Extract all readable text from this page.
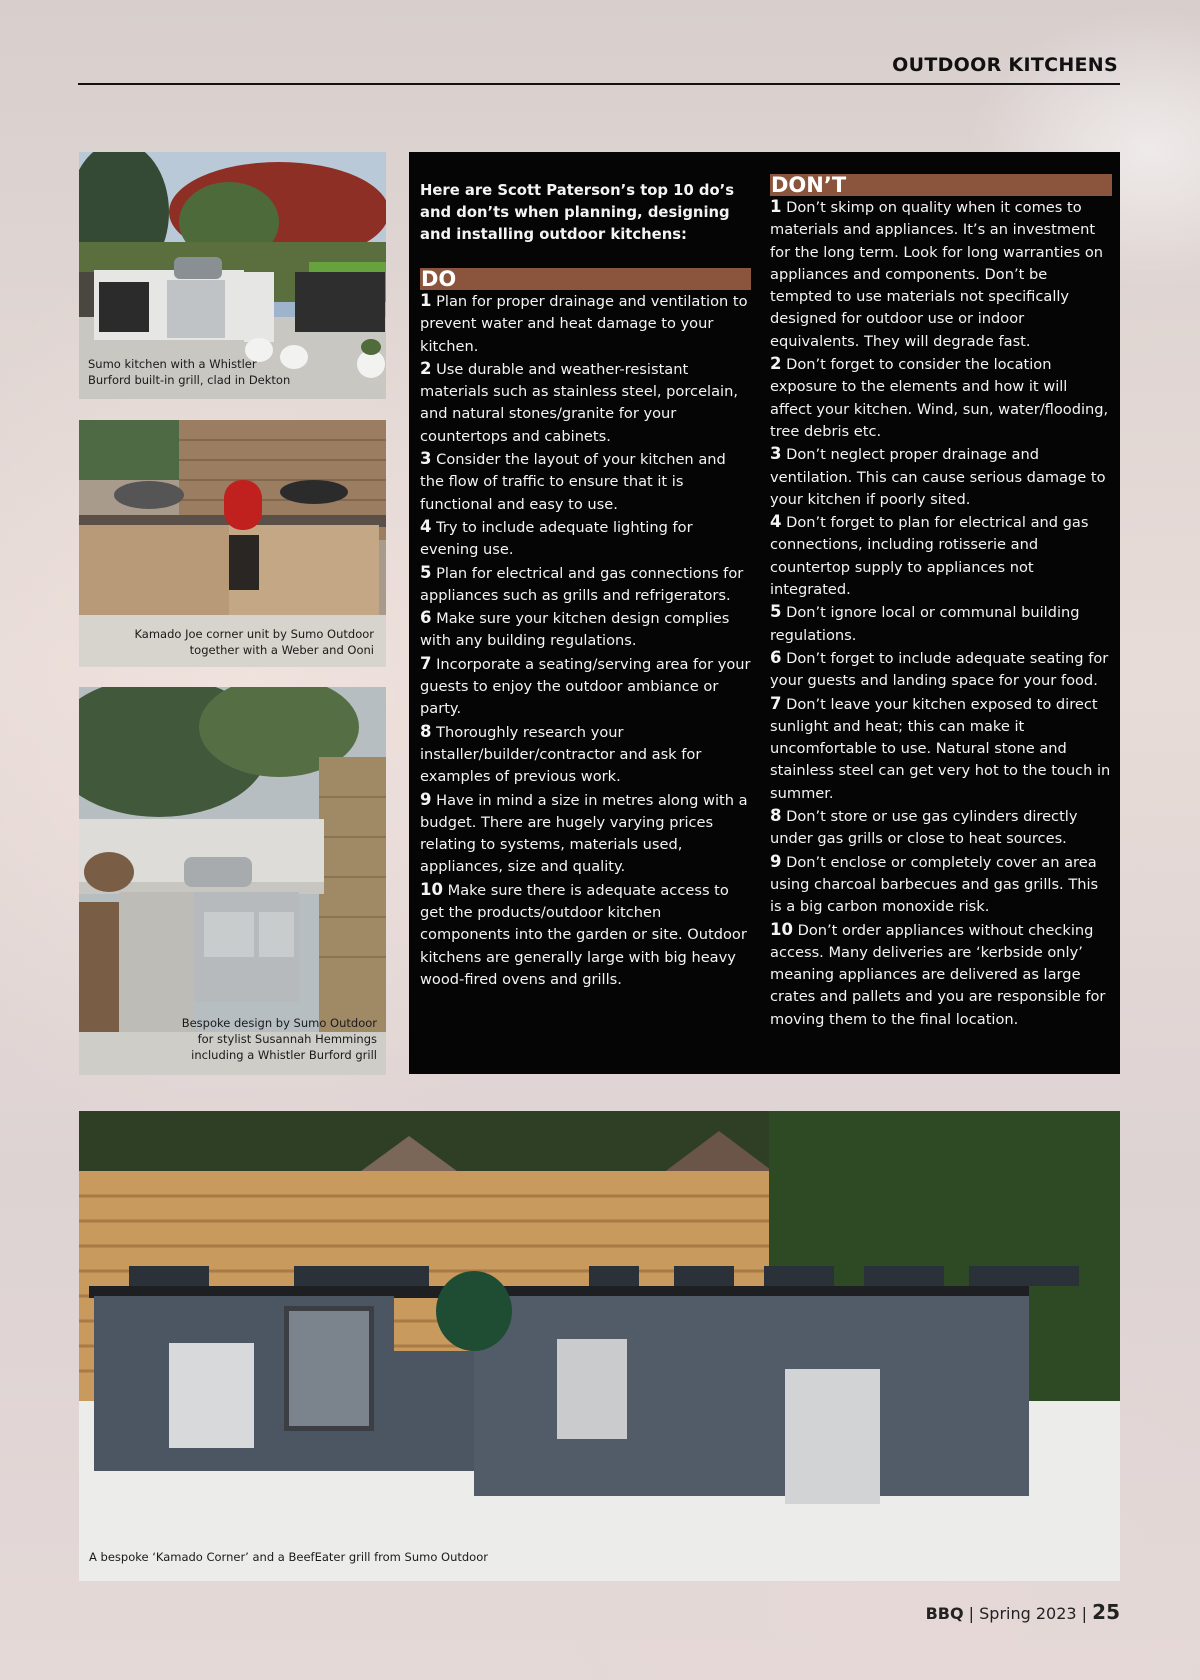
OUTDOOR KITCHENS
Sumo kitchen with a Whistler
Burford built-in grill, clad in Dekton
Kamado Joe corner unit by Sumo Outdoor
together with a Weber and Ooni
Bespoke design by Sumo Outdoor
for stylist Susannah Hemmings
including a Whistler Burford grill
A bespoke ‘Kamado Corner’ and a BeefEater grill from Sumo Outdoor

Here are Scott Paterson’s top 10 do’s and don’ts when planning, designing and installing outdoor kitchens:

DO

1 Plan for proper drainage and ventilation to prevent water and heat damage to your kitchen.

2 Use durable and weather-resistant materials such as stainless steel, porcelain, and natural stones/granite for your countertops and cabinets.

3 Consider the layout of your kitchen and the flow of traffic to ensure that it is functional and easy to use.

4 Try to include adequate lighting for evening use.

5 Plan for electrical and gas connections for appliances such as grills and refrigerators.

6 Make sure your kitchen design complies with any building regulations.

7 Incorporate a seating/serving area for your guests to enjoy the outdoor ambiance or party.

8 Thoroughly research your installer/builder/contractor and ask for examples of previous work.

9 Have in mind a size in metres along with a budget. There are hugely varying prices relating to systems, materials used, appliances, size and quality.

10 Make sure there is adequate access to get the products/outdoor kitchen components into the garden or site. Outdoor kitchens are generally large with big heavy wood-fired ovens and grills.

DON’T

1 Don’t skimp on quality when it comes to materials and appliances. It’s an investment for the long term. Look for long warranties on appliances and components. Don’t be tempted to use materials not specifically designed for outdoor use or indoor equivalents. They will degrade fast.

2 Don’t forget to consider the location exposure to the elements and how it will affect your kitchen. Wind, sun, water/flooding, tree debris etc.

3 Don’t neglect proper drainage and ventilation. This can cause serious damage to your kitchen if poorly sited.

4 Don’t forget to plan for electrical and gas connections, including rotisserie and countertop supply to appliances not integrated.

5 Don’t ignore local or communal building regulations.

6 Don’t forget to include adequate seating for your guests and landing space for your food.

7 Don’t leave your kitchen exposed to direct sunlight and heat; this can make it uncomfortable to use. Natural stone and stainless steel can get very hot to the touch in summer.

8 Don’t store or use gas cylinders directly under gas grills or close to heat sources.

9 Don’t enclose or completely cover an area using charcoal barbecues and gas grills. This is a big carbon monoxide risk.

10 Don’t order appliances without checking access. Many deliveries are ‘kerbside only’ meaning appliances are delivered as large crates and pallets and you are responsible for moving them to the final location.

BBQ | Spring 2023 | 25
